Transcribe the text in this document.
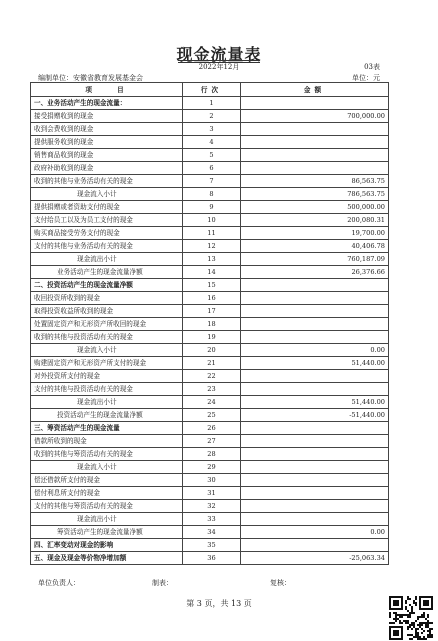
现金流量表
2022年12月	03表
编制单位：安徽省教育发展基金会	单位：元
项　　目	行次	金额
一、业务活动产生的现金流量：	1	
接受捐赠收到的现金	2	700,000.00
收到会费收到的现金	3	
提供服务收到的现金	4	
销售商品收到的现金	5	
政府补助收到的现金	6	
收到的其他与业务活动有关的现金	7	86,563.75
现金流入小计	8	786,563.75
提供捐赠或者资助支付的现金	9	500,000.00
支付给员工以及为员工支付的现金	10	200,080.31
购买商品接受劳务支付的现金	11	19,700.00
支付的其他与业务活动有关的现金	12	40,406.78
现金流出小计	13	760,187.09
业务活动产生的现金流量净额	14	26,376.66
二、投资活动产生的现金流量净额	15	
收回投资所收到的现金	16	
取得投资收益所收到的现金	17	
处置固定资产和无形资产所收回的现金	18	
收到的其他与投资活动有关的现金	19	
现金流入小计	20	0.00
购建固定资产和无形资产所支付的现金	21	51,440.00
对外投资所支付的现金	22	
支付的其他与投资活动有关的现金	23	
现金流出小计	24	51,440.00
投资活动产生的现金流量净额	25	-51,440.00
三、筹资活动产生的现金流量	26	
借款所收到的现金	27	
收到的其他与筹资活动有关的现金	28	
现金流入小计	29	
偿还借款所支付的现金	30	
偿付利息所支付的现金	31	
支付的其他与筹资活动有关的现金	32	
现金流出小计	33	
筹资活动产生的现金流量净额	34	0.00
四、汇率变动对现金的影响	35	
五、现金及现金等价物净增加额	36	-25,063.34
单位负责人：	制表：	复核：
第 3 页，共 13 页
